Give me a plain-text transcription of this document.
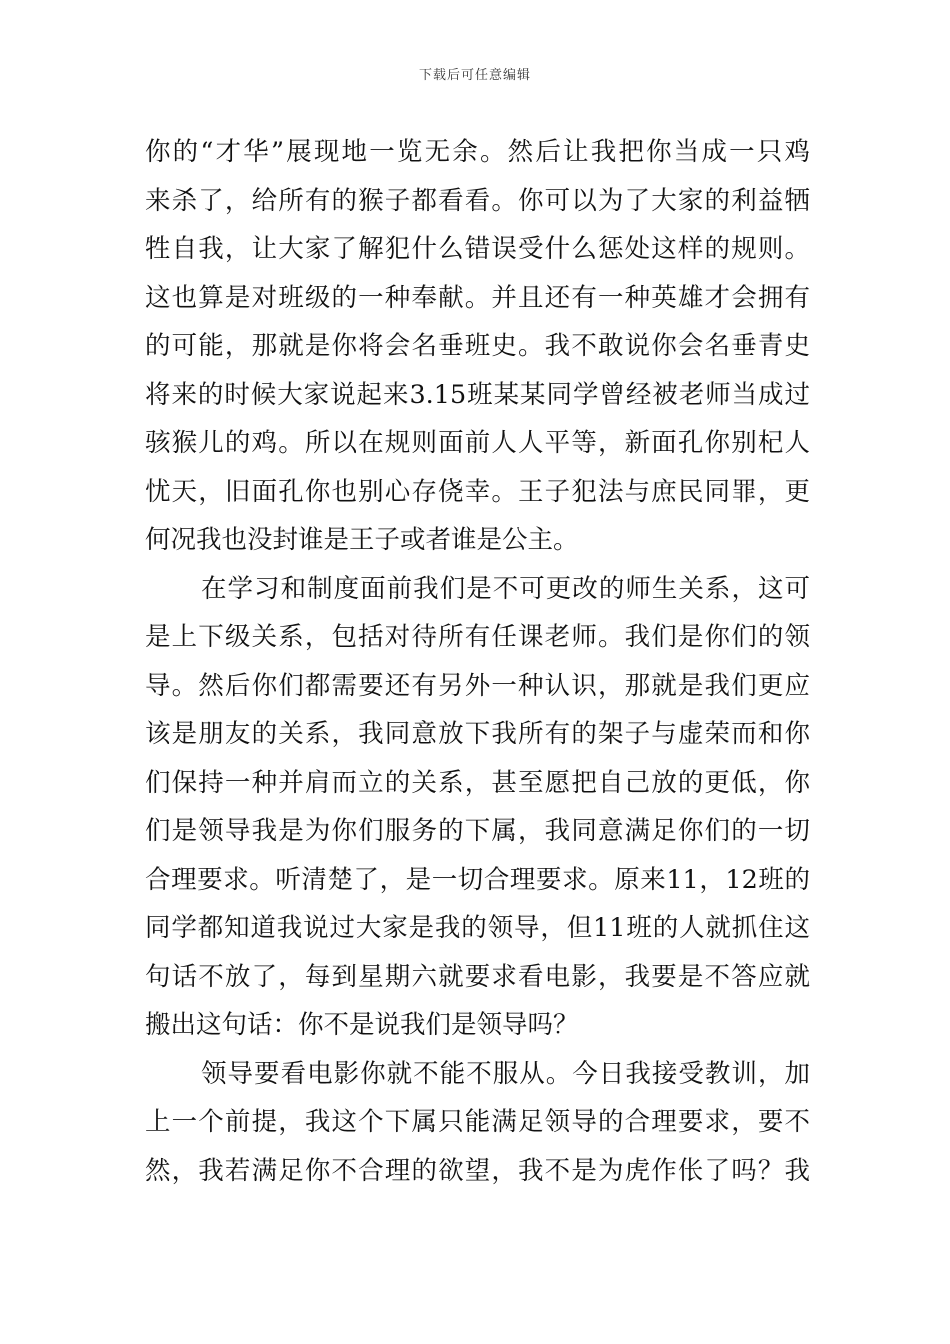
下载后可任意编辑
你的“才华”展现地一览无余。然后让我把你当成一只鸡
来杀了，给所有的猴子都看看。你可以为了大家的利益牺
牲自我，让大家了解犯什么错误受什么惩处这样的规则。
这也算是对班级的一种奉献。并且还有一种英雄才会拥有
的可能，那就是你将会名垂班史。我不敢说你会名垂青史
将来的时候大家说起来3.15班某某同学曾经被老师当成过
骇猴儿的鸡。所以在规则面前人人平等，新面孔你别杞人
忧天，旧面孔你也别心存侥幸。王子犯法与庶民同罪，更
何况我也没封谁是王子或者谁是公主。
在学习和制度面前我们是不可更改的师生关系，这可
是上下级关系，包括对待所有任课老师。我们是你们的领
导。然后你们都需要还有另外一种认识，那就是我们更应
该是朋友的关系，我同意放下我所有的架子与虚荣而和你
们保持一种并肩而立的关系，甚至愿把自己放的更低，你
们是领导我是为你们服务的下属，我同意满足你们的一切
合理要求。听清楚了，是一切合理要求。原来11，12班的
同学都知道我说过大家是我的领导，但11班的人就抓住这
句话不放了，每到星期六就要求看电影，我要是不答应就
搬出这句话：你不是说我们是领导吗？
领导要看电影你就不能不服从。今日我接受教训，加
上一个前提，我这个下属只能满足领导的合理要求，要不
然，我若满足你不合理的欲望，我不是为虎作伥了吗？我
